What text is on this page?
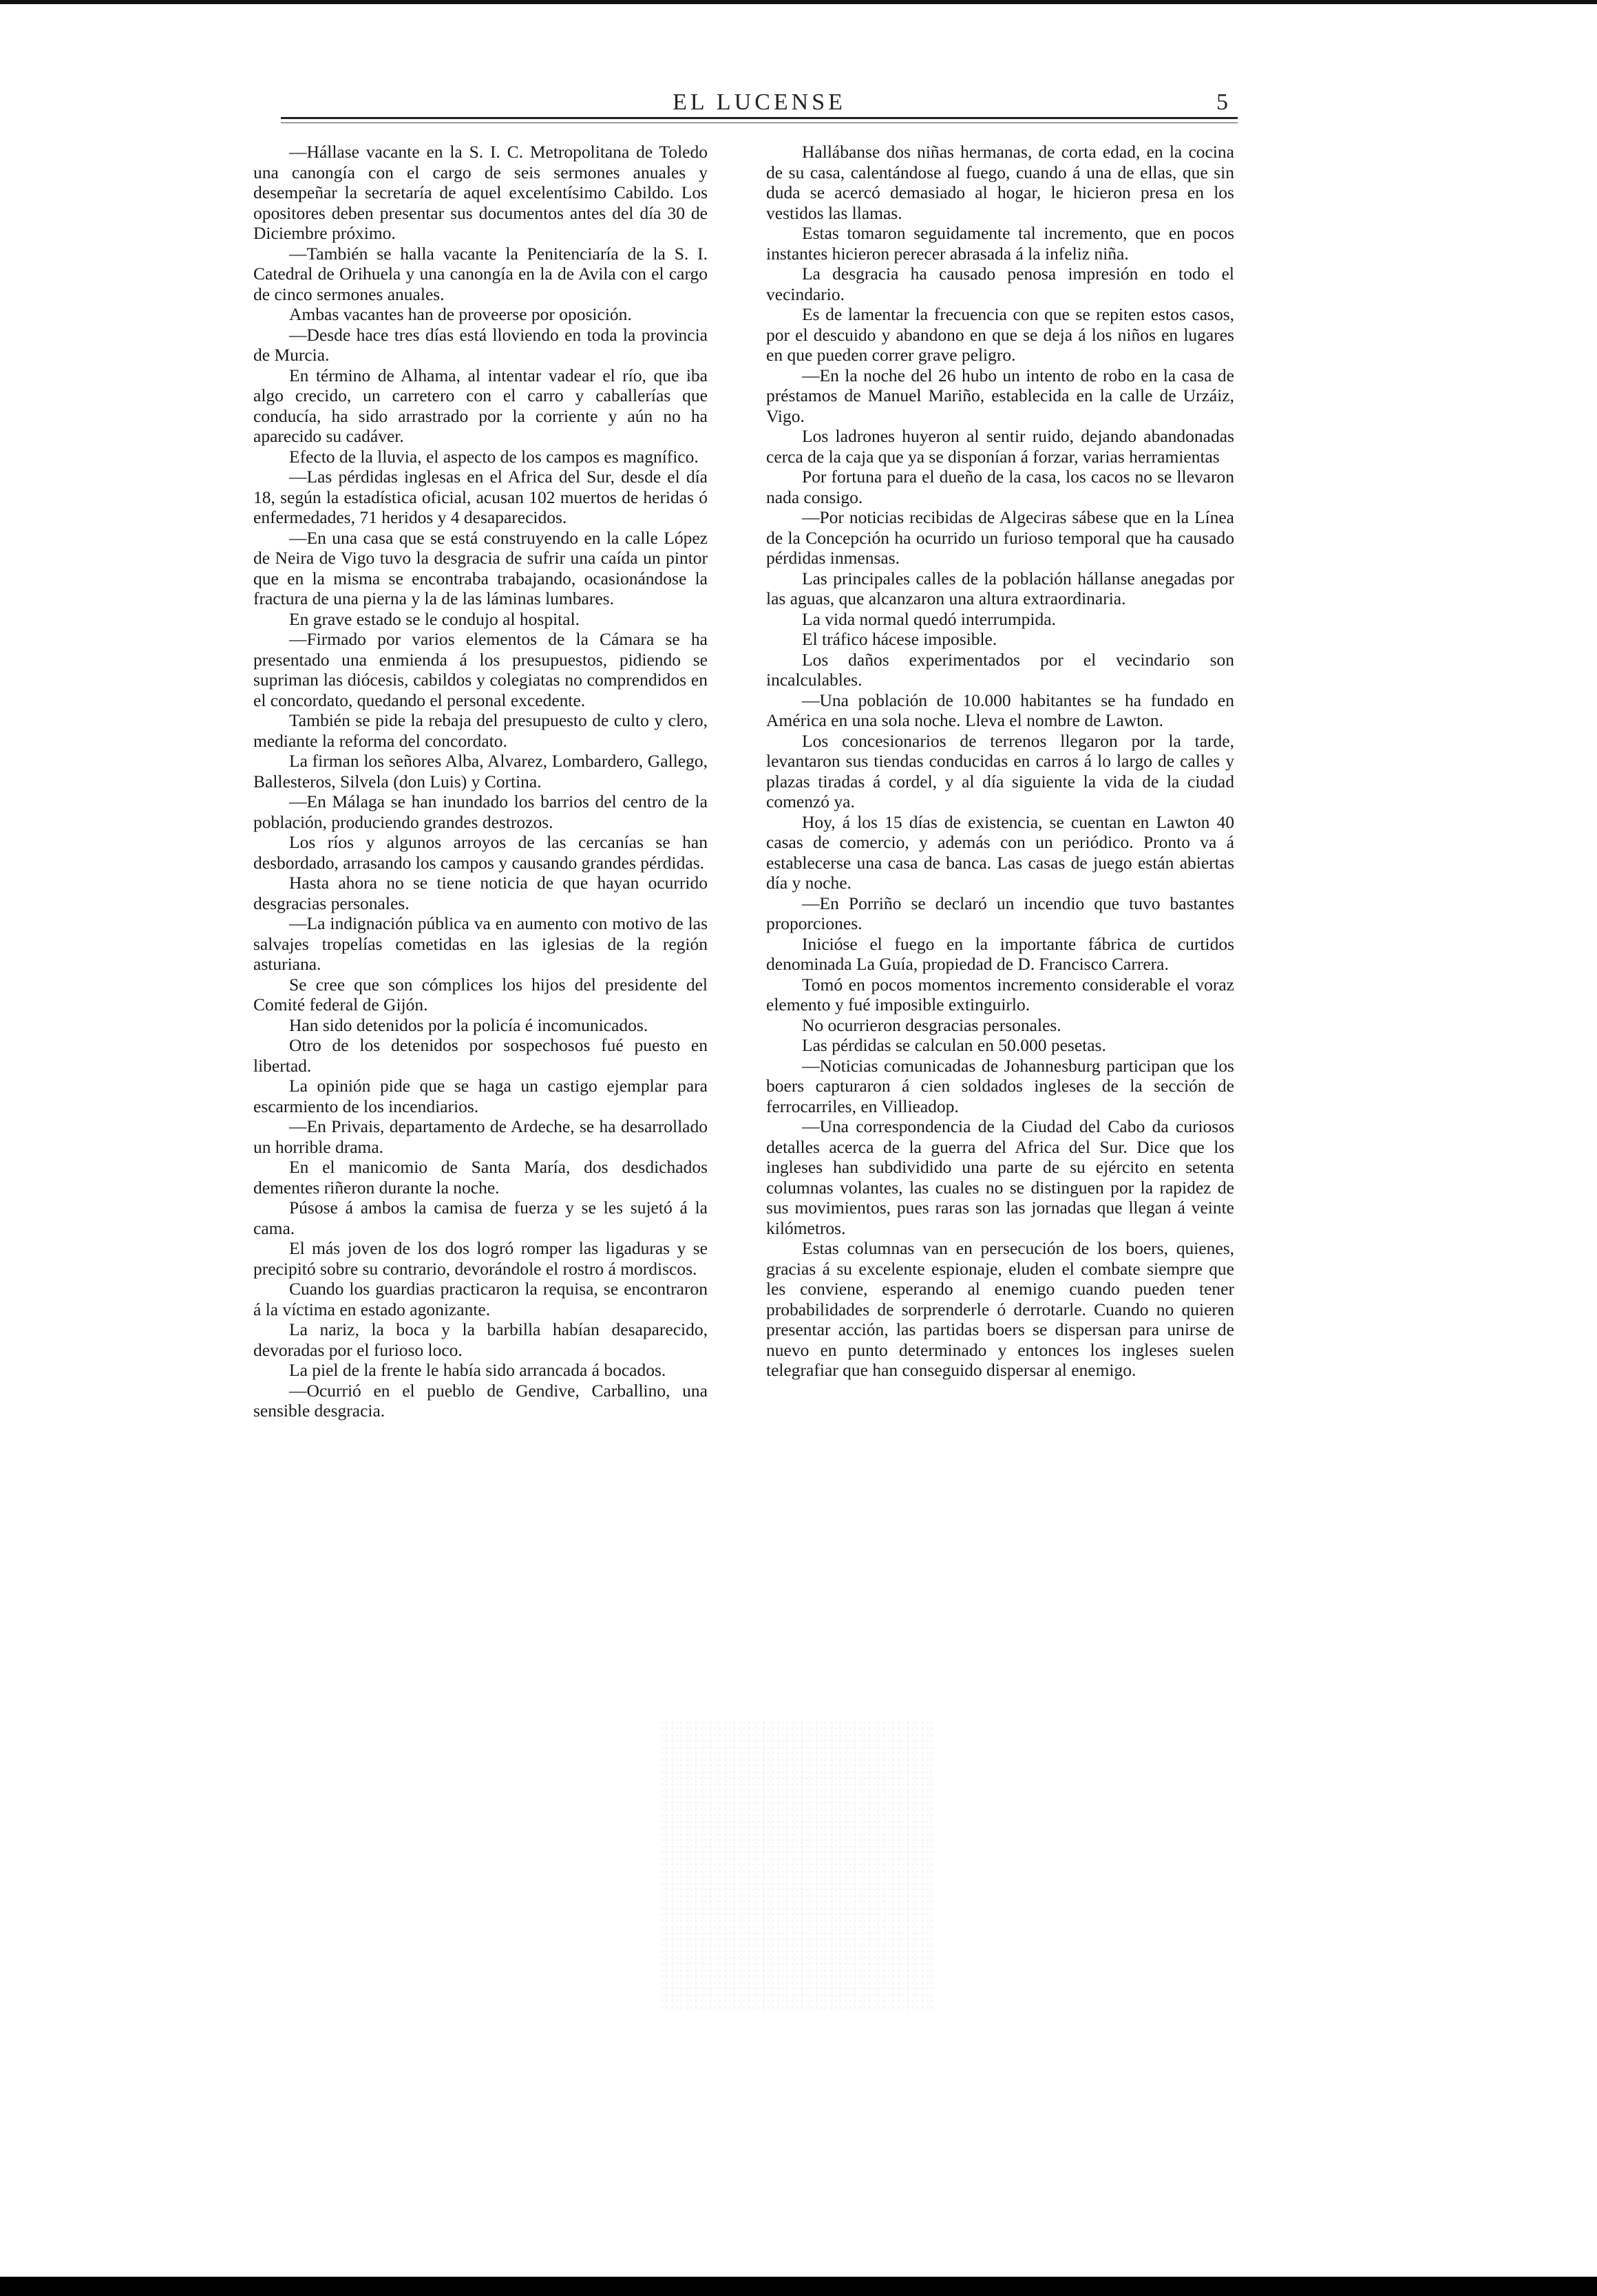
EL LUCENSE	5

—Hállase vacante en la S. I. C. Metropolitana de Toledo una canongía con el cargo de seis sermones anuales y desempeñar la secretaría de aquel excelentísimo Cabildo. Los opositores deben presentar sus documentos antes del día 30 de Diciembre próximo.

—También se halla vacante la Penitenciaría de la S. I. Catedral de Orihuela y una canongía en la de Avila con el cargo de cinco sermones anuales.

Ambas vacantes han de proveerse por oposición.

—Desde hace tres días está lloviendo en toda la provincia de Murcia.

En término de Alhama, al intentar vadear el río, que iba algo crecido, un carretero con el carro y caballerías que conducía, ha sido arrastrado por la corriente y aún no ha aparecido su cadáver.

Efecto de la lluvia, el aspecto de los campos es magnífico.

—Las pérdidas inglesas en el Africa del Sur, desde el día 18, según la estadística oficial, acusan 102 muertos de heridas ó enfermedades, 71 heridos y 4 desaparecidos.

—En una casa que se está construyendo en la calle López de Neira de Vigo tuvo la desgracia de sufrir una caída un pintor que en la misma se encontraba trabajando, ocasionándose la fractura de una pierna y la de las láminas lumbares.

En grave estado se le condujo al hospital.

—Firmado por varios elementos de la Cámara se ha presentado una enmienda á los presupuestos, pidiendo se supriman las diócesis, cabildos y colegiatas no comprendidos en el concordato, quedando el personal excedente.

También se pide la rebaja del presupuesto de culto y clero, mediante la reforma del concordato.

La firman los señores Alba, Alvarez, Lombardero, Gallego, Ballesteros, Silvela (don Luis) y Cortina.

—En Málaga se han inundado los barrios del centro de la población, produciendo grandes destrozos.

Los ríos y algunos arroyos de las cercanías se han desbordado, arrasando los campos y causando grandes pérdidas.

Hasta ahora no se tiene noticia de que hayan ocurrido desgracias personales.

—La indignación pública va en aumento con motivo de las salvajes tropelías cometidas en las iglesias de la región asturiana.

Se cree que son cómplices los hijos del presidente del Comité federal de Gijón.

Han sido detenidos por la policía é incomunicados.

Otro de los detenidos por sospechosos fué puesto en libertad.

La opinión pide que se haga un castigo ejemplar para escarmiento de los incendiarios.

—En Privais, departamento de Ardeche, se ha desarrollado un horrible drama.

En el manicomio de Santa María, dos desdichados dementes riñeron durante la noche.

Púsose á ambos la camisa de fuerza y se les sujetó á la cama.

El más joven de los dos logró romper las ligaduras y se precipitó sobre su contrario, devorándole el rostro á mordiscos.

Cuando los guardias practicaron la requisa, se encontraron á la víctima en estado agonizante.

La nariz, la boca y la barbilla habían desaparecido, devoradas por el furioso loco.

La piel de la frente le había sido arrancada á bocados.

—Ocurrió en el pueblo de Gendive, Carballino, una sensible desgracia.

Hallábanse dos niñas hermanas, de corta edad, en la cocina de su casa, calentándose al fuego, cuando á una de ellas, que sin duda se acercó demasiado al hogar, le hicieron presa en los vestidos las llamas.

Estas tomaron seguidamente tal incremento, que en pocos instantes hicieron perecer abrasada á la infeliz niña.

La desgracia ha causado penosa impresión en todo el vecindario.

Es de lamentar la frecuencia con que se repiten estos casos, por el descuido y abandono en que se deja á los niños en lugares en que pueden correr grave peligro.

—En la noche del 26 hubo un intento de robo en la casa de préstamos de Manuel Mariño, establecida en la calle de Urzáiz, Vigo.

Los ladrones huyeron al sentir ruido, dejando abandonadas cerca de la caja que ya se disponían á forzar, varias herramientas

Por fortuna para el dueño de la casa, los cacos no se llevaron nada consigo.

—Por noticias recibidas de Algeciras sábese que en la Línea de la Concepción ha ocurrido un furioso temporal que ha causado pérdidas inmensas.

Las principales calles de la población hállanse anegadas por las aguas, que alcanzaron una altura extraordinaria.

La vida normal quedó interrumpida.

El tráfico hácese imposible.

Los daños experimentados por el vecindario son incalculables.

—Una población de 10.000 habitantes se ha fundado en América en una sola noche. Lleva el nombre de Lawton.

Los concesionarios de terrenos llegaron por la tarde, levantaron sus tiendas conducidas en carros á lo largo de calles y plazas tiradas á cordel, y al día siguiente la vida de la ciudad comenzó ya.

Hoy, á los 15 días de existencia, se cuentan en Lawton 40 casas de comercio, y además con un periódico. Pronto va á establecerse una casa de banca. Las casas de juego están abiertas día y noche.

—En Porriño se declaró un incendio que tuvo bastantes proporciones.

Inicióse el fuego en la importante fábrica de curtidos denominada La Guía, propiedad de D. Francisco Carrera.

Tomó en pocos momentos incremento considerable el voraz elemento y fué imposible extinguirlo.

No ocurrieron desgracias personales.

Las pérdidas se calculan en 50.000 pesetas.

—Noticias comunicadas de Johannesburg participan que los boers capturaron á cien soldados ingleses de la sección de ferrocarriles, en Villieadop.

—Una correspondencia de la Ciudad del Cabo da curiosos detalles acerca de la guerra del Africa del Sur. Dice que los ingleses han subdividido una parte de su ejército en setenta columnas volantes, las cuales no se distinguen por la rapidez de sus movimientos, pues raras son las jornadas que llegan á veinte kilómetros.

Estas columnas van en persecución de los boers, quienes, gracias á su excelente espionaje, eluden el combate siempre que les conviene, esperando al enemigo cuando pueden tener probabilidades de sorprenderle ó derrotarle. Cuando no quieren presentar acción, las partidas boers se dispersan para unirse de nuevo en punto determinado y entonces los ingleses suelen telegrafiar que han conseguido dispersar al enemigo.
